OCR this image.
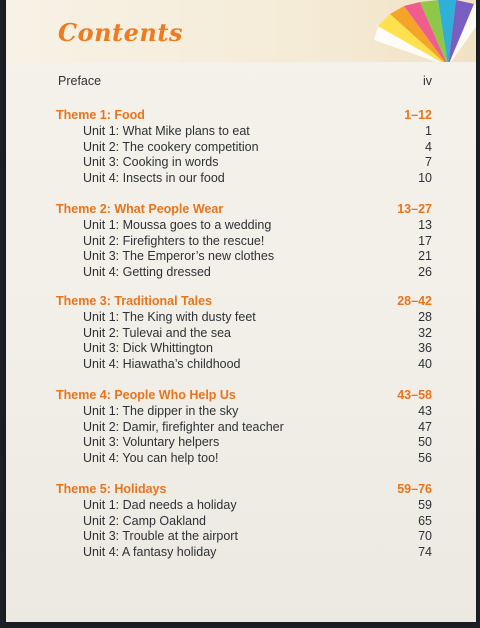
Contents
Preface	iv
Theme 1: Food	1–12
Unit 1: What Mike plans to eat	1
Unit 2: The cookery competition	4
Unit 3: Cooking in words	7
Unit 4: Insects in our food	10
Theme 2: What People Wear	13–27
Unit 1: Moussa goes to a wedding	13
Unit 2: Firefighters to the rescue!	17
Unit 3: The Emperor’s new clothes	21
Unit 4: Getting dressed	26
Theme 3: Traditional Tales	28–42
Unit 1: The King with dusty feet	28
Unit 2: Tulevai and the sea	32
Unit 3: Dick Whittington	36
Unit 4: Hiawatha’s childhood	40
Theme 4: People Who Help Us	43–58
Unit 1: The dipper in the sky	43
Unit 2: Damir, firefighter and teacher	47
Unit 3: Voluntary helpers	50
Unit 4: You can help too!	56
Theme 5: Holidays	59–76
Unit 1: Dad needs a holiday	59
Unit 2: Camp Oakland	65
Unit 3: Trouble at the airport	70
Unit 4: A fantasy holiday	74
